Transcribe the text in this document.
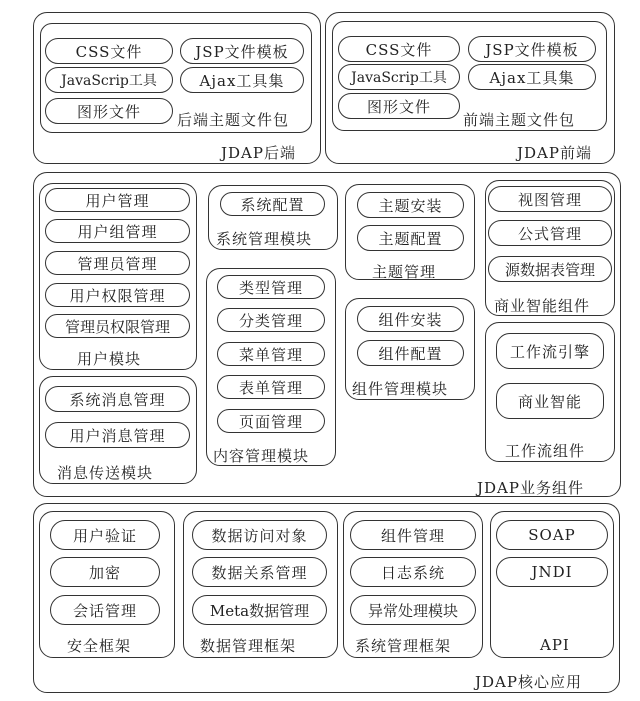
CSS文件	JSP文件模板
JavaScrip工具	Ajax工具集
图形文件	后端主题文件包
JDAP后端
CSS文件	JSP文件模板
JavaScrip工具	Ajax工具集
图形文件
前端主题文件包
JDAP前端
用户管理
用户组管理
管理员管理
用户权限管理
管理员权限管理
用户模块
系统消息管理
用户消息管理
消息传送模块
系统配置
系统管理模块
类型管理
分类管理
菜单管理
表单管理
页面管理
内容管理模块
主题安装
主题配置
主题管理
组件安装
组件配置
组件管理模块
视图管理
公式管理
源数据表管理
商业智能组件
工作流引擎
商业智能
工作流组件
JDAP业务组件
用户验证
加密
会话管理
安全框架
数据访问对象
数据关系管理
Meta数据管理
数据管理框架
组件管理
日志系统
异常处理模块
系统管理框架
SOAP
JNDI
API
JDAP核心应用
